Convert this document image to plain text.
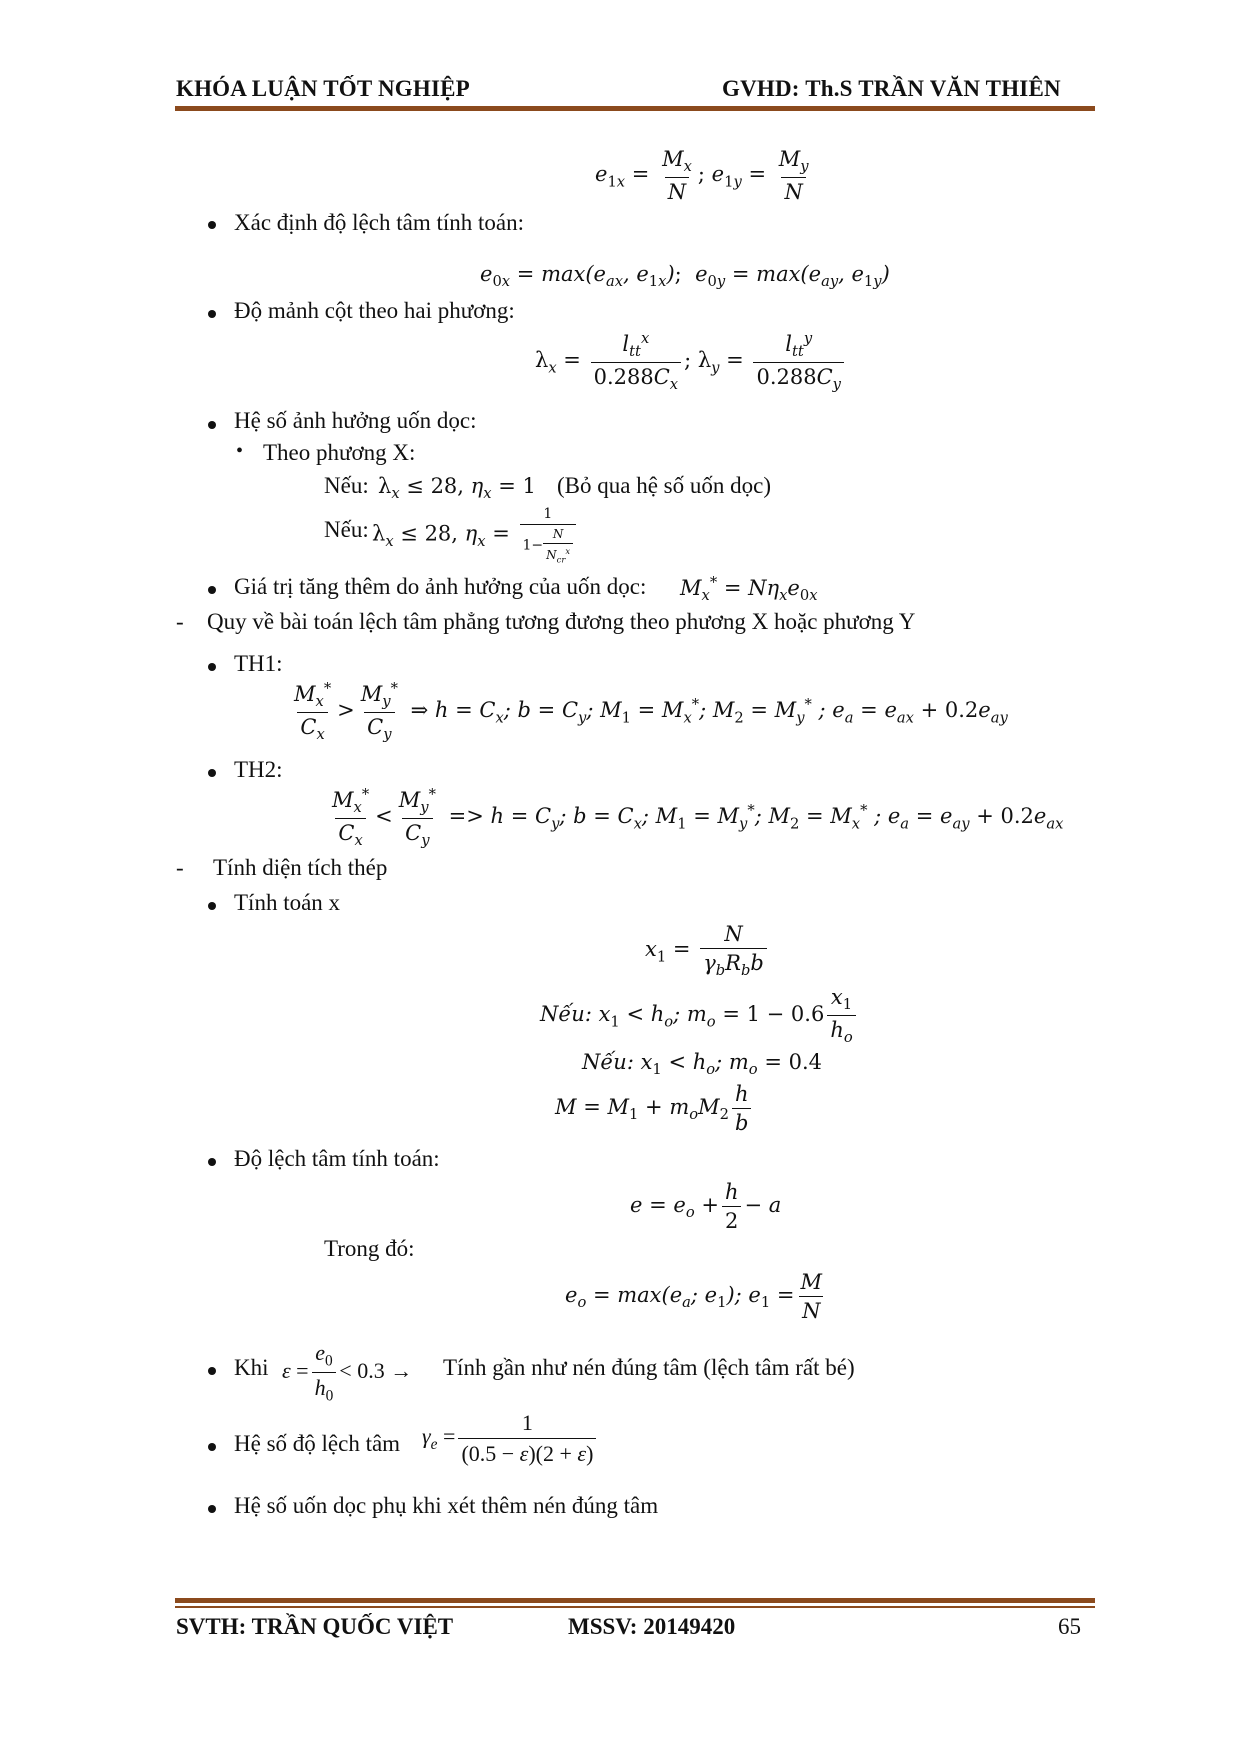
KHÓA LUẬN TỐT NGHIỆP	GVHD: Th.S TRẦN VĂN THIÊN
$e_{1x} = \frac{M_x}{N}$ ; $e_{1y} = \frac{M_y}{N}$
Xác định độ lệch tâm tính toán:
$e_{0x} = \max(e_{ax}$, $e_{1x}$);  $e_{0y} = \max(e_{ay}$, $e_{1y}$)
Độ mảnh cột theo hai phương:
$\lambda_x = \frac{l_{tt}^x}{0.288C_x}$ ; $\lambda_y = \frac{l_{tt}^y}{0.288C_y}$
Hệ số ảnh hưởng uốn dọc:
• Theo phương X:
Nếu: $\lambda_x \le 28$, $\eta_x = 1$ (Bỏ qua hệ số uốn dọc)
Nếu: $\lambda_x \le 28$, $\eta_x = \frac{1}{1- \frac{N}{N_{cr}^x}}$
Giá trị tăng thêm do ảnh hưởng của uốn dọc: $M_x^* = N\eta_xe_{0x}$
- Quy về bài toán lệch tâm phẳng tương đương theo phương X hoặc phương Y
TH1:
$\frac{M_x^*}{C_x} > \frac{M_y^*}{C_y}$ ⇒ $h = C_x$; $b = C_y$; $M_1 = M_x^*$; $M_2 = M_y^*$ ; $e_a = e_{ax} + 0.2e_{ay}$
TH2:
$\frac{M_x^*}{C_x} < \frac{M_y^*}{C_y} => h = C_y$; $b = C_x$; $M_1 = M_y^*$; $M_2 = M_x^*$ ; $e_a = e_{ay} + 0.2e_{ax}$
- Tính diện tích thép
Tính toán x
$x_1 = \frac{N}{\gamma_bR_bb}$
Nếu: $x_1 < h_o$; $m_o = 1 - 0.6 \frac{x_1}{h_o}$
Nếu: $x_1 < h_o$; $m_o = 0.4$
$M = M_1 + m_oM_2 \frac{h}{b}$
Độ lệch tâm tính toán:
$e = e_o + \frac{h}{2} - a$
Trong đó:
$e_o = \max(e_a$; $e_1$); $e_1 = \frac{M}{N}$
Khi $\varepsilon = \frac{e_0}{h_0} < 0.3$ → Tính gần như nén đúng tâm (lệch tâm rất bé)
Hệ số độ lệch tâm $\gamma_e = \frac{1}{(0.5 - \varepsilon)(2 + \varepsilon)}$
Hệ số uốn dọc phụ khi xét thêm nén đúng tâm
SVTH: TRẦN QUỐC VIỆT	MSSV: 20149420	65
